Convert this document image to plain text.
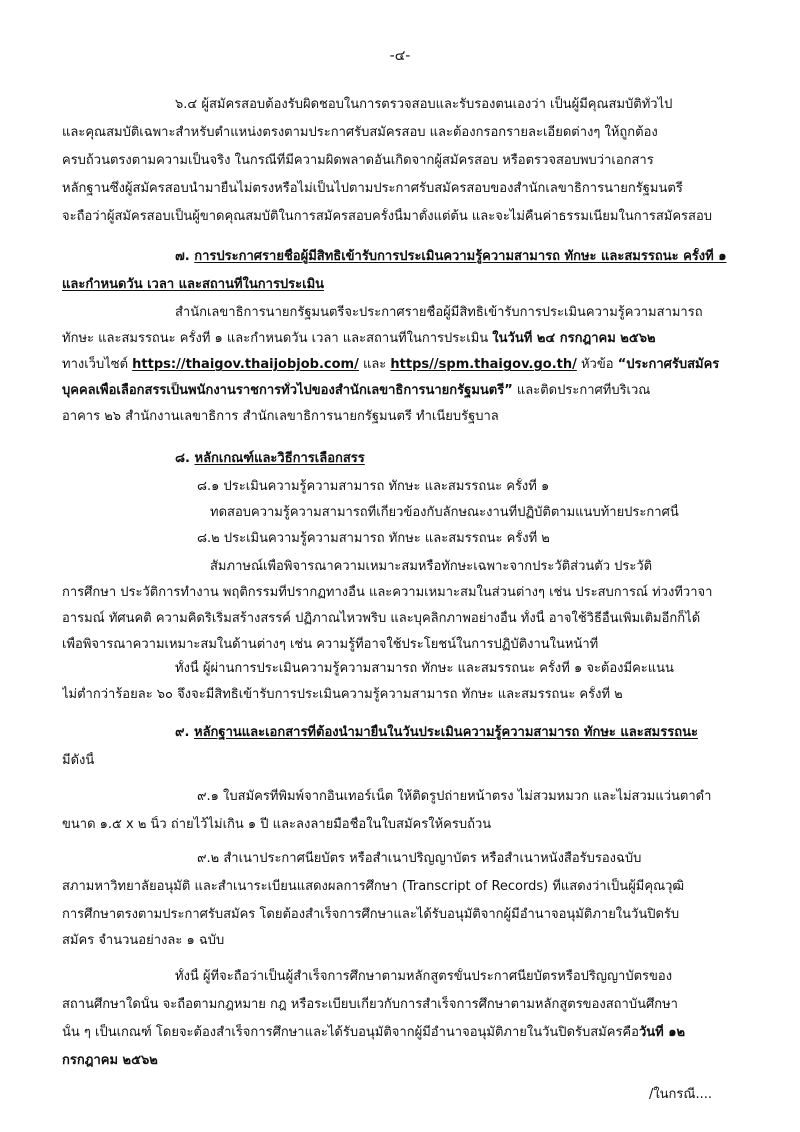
-๔-
๖.๔ ผู้สมัครสอบต้องรับผิดชอบในการตรวจสอบและรับรองตนเองว่า เป็นผู้มีคุณสมบัติทั่วไป
และคุณสมบัติเฉพาะสำหรับตำแหน่งตรงตามประกาศรับสมัครสอบ และต้องกรอกรายละเอียดต่างๆ ให้ถูกต้อง
ครบถ้วนตรงตามความเป็นจริง ในกรณีที่มีความผิดพลาดอันเกิดจากผู้สมัครสอบ หรือตรวจสอบพบว่าเอกสาร
หลักฐานซึ่งผู้สมัครสอบนำมายื่นไม่ตรงหรือไม่เป็นไปตามประกาศรับสมัครสอบของสำนักเลขาธิการนายกรัฐมนตรี
จะถือว่าผู้สมัครสอบเป็นผู้ขาดคุณสมบัติในการสมัครสอบครั้งนี้มาตั้งแต่ต้น และจะไม่คืนค่าธรรมเนียมในการสมัครสอบ
๗. การประกาศรายชื่อผู้มีสิทธิเข้ารับการประเมินความรู้ความสามารถ ทักษะ และสมรรถนะ ครั้งที่ ๑
และกำหนดวัน เวลา และสถานที่ในการประเมิน
สำนักเลขาธิการนายกรัฐมนตรีจะประกาศรายชื่อผู้มีสิทธิเข้ารับการประเมินความรู้ความสามารถ
ทักษะ และสมรรถนะ ครั้งที่ ๑ และกำหนดวัน เวลา และสถานที่ในการประเมิน ในวันที่ ๒๔ กรกฎาคม ๒๕๖๒
ทางเว็บไซต์ https://thaigov.thaijobjob.com/ และ https//spm.thaigov.go.th/ หัวข้อ “ประกาศรับสมัคร
บุคคลเพื่อเลือกสรรเป็นพนักงานราชการทั่วไปของสำนักเลขาธิการนายกรัฐมนตรี” และติดประกาศที่บริเวณ
อาคาร ๒๖ สำนักงานเลขาธิการ สำนักเลขาธิการนายกรัฐมนตรี ทำเนียบรัฐบาล
๘. หลักเกณฑ์และวิธีการเลือกสรร
๘.๑ ประเมินความรู้ความสามารถ ทักษะ และสมรรถนะ ครั้งที่ ๑
ทดสอบความรู้ความสามารถที่เกี่ยวข้องกับลักษณะงานที่ปฏิบัติตามแนบท้ายประกาศนี้
๘.๒ ประเมินความรู้ความสามารถ ทักษะ และสมรรถนะ ครั้งที่ ๒
สัมภาษณ์เพื่อพิจารณาความเหมาะสมหรือทักษะเฉพาะจากประวัติส่วนตัว ประวัติ
การศึกษา ประวัติการทำงาน พฤติกรรมที่ปรากฏทางอื่น และความเหมาะสมในส่วนต่างๆ เช่น ประสบการณ์ ท่วงทีวาจา
อารมณ์ ทัศนคติ ความคิดริเริ่มสร้างสรรค์ ปฏิภาณไหวพริบ และบุคลิกภาพอย่างอื่น ทั้งนี้ อาจใช้วิธีอื่นเพิ่มเติมอีกก็ได้
เพื่อพิจารณาความเหมาะสมในด้านต่างๆ เช่น ความรู้ที่อาจใช้ประโยชน์ในการปฏิบัติงานในหน้าที่
ทั้งนี้ ผู้ผ่านการประเมินความรู้ความสามารถ ทักษะ และสมรรถนะ ครั้งที่ ๑ จะต้องมีคะแนน
ไม่ต่ำกว่าร้อยละ ๖๐ จึงจะมีสิทธิเข้ารับการประเมินความรู้ความสามารถ ทักษะ และสมรรถนะ ครั้งที่ ๒
๙. หลักฐานและเอกสารที่ต้องนำมายื่นในวันประเมินความรู้ความสามารถ ทักษะ และสมรรถนะ
มีดังนี้
๙.๑ ใบสมัครที่พิมพ์จากอินเทอร์เน็ต ให้ติดรูปถ่ายหน้าตรง ไม่สวมหมวก และไม่สวมแว่นตาดำ
ขนาด ๑.๕ x ๒ นิ้ว ถ่ายไว้ไม่เกิน ๑ ปี และลงลายมือชื่อในใบสมัครให้ครบถ้วน
๙.๒ สำเนาประกาศนียบัตร หรือสำเนาปริญญาบัตร หรือสำเนาหนังสือรับรองฉบับ
สภามหาวิทยาลัยอนุมัติ และสำเนาระเบียนแสดงผลการศึกษา (Transcript of Records) ที่แสดงว่าเป็นผู้มีคุณวุฒิ
การศึกษาตรงตามประกาศรับสมัคร โดยต้องสำเร็จการศึกษาและได้รับอนุมัติจากผู้มีอำนาจอนุมัติภายในวันปิดรับ
สมัคร จำนวนอย่างละ ๑ ฉบับ
ทั้งนี้ ผู้ที่จะถือว่าเป็นผู้สำเร็จการศึกษาตามหลักสูตรขั้นประกาศนียบัตรหรือปริญญาบัตรของ
สถานศึกษาใดนั้น จะถือตามกฎหมาย กฎ หรือระเบียบเกี่ยวกับการสำเร็จการศึกษาตามหลักสูตรของสถาบันศึกษา
นั้น ๆ เป็นเกณฑ์ โดยจะต้องสำเร็จการศึกษาและได้รับอนุมัติจากผู้มีอำนาจอนุมัติภายในวันปิดรับสมัครคือวันที่ ๑๒
กรกฎาคม ๒๕๖๒
/ในกรณี....
